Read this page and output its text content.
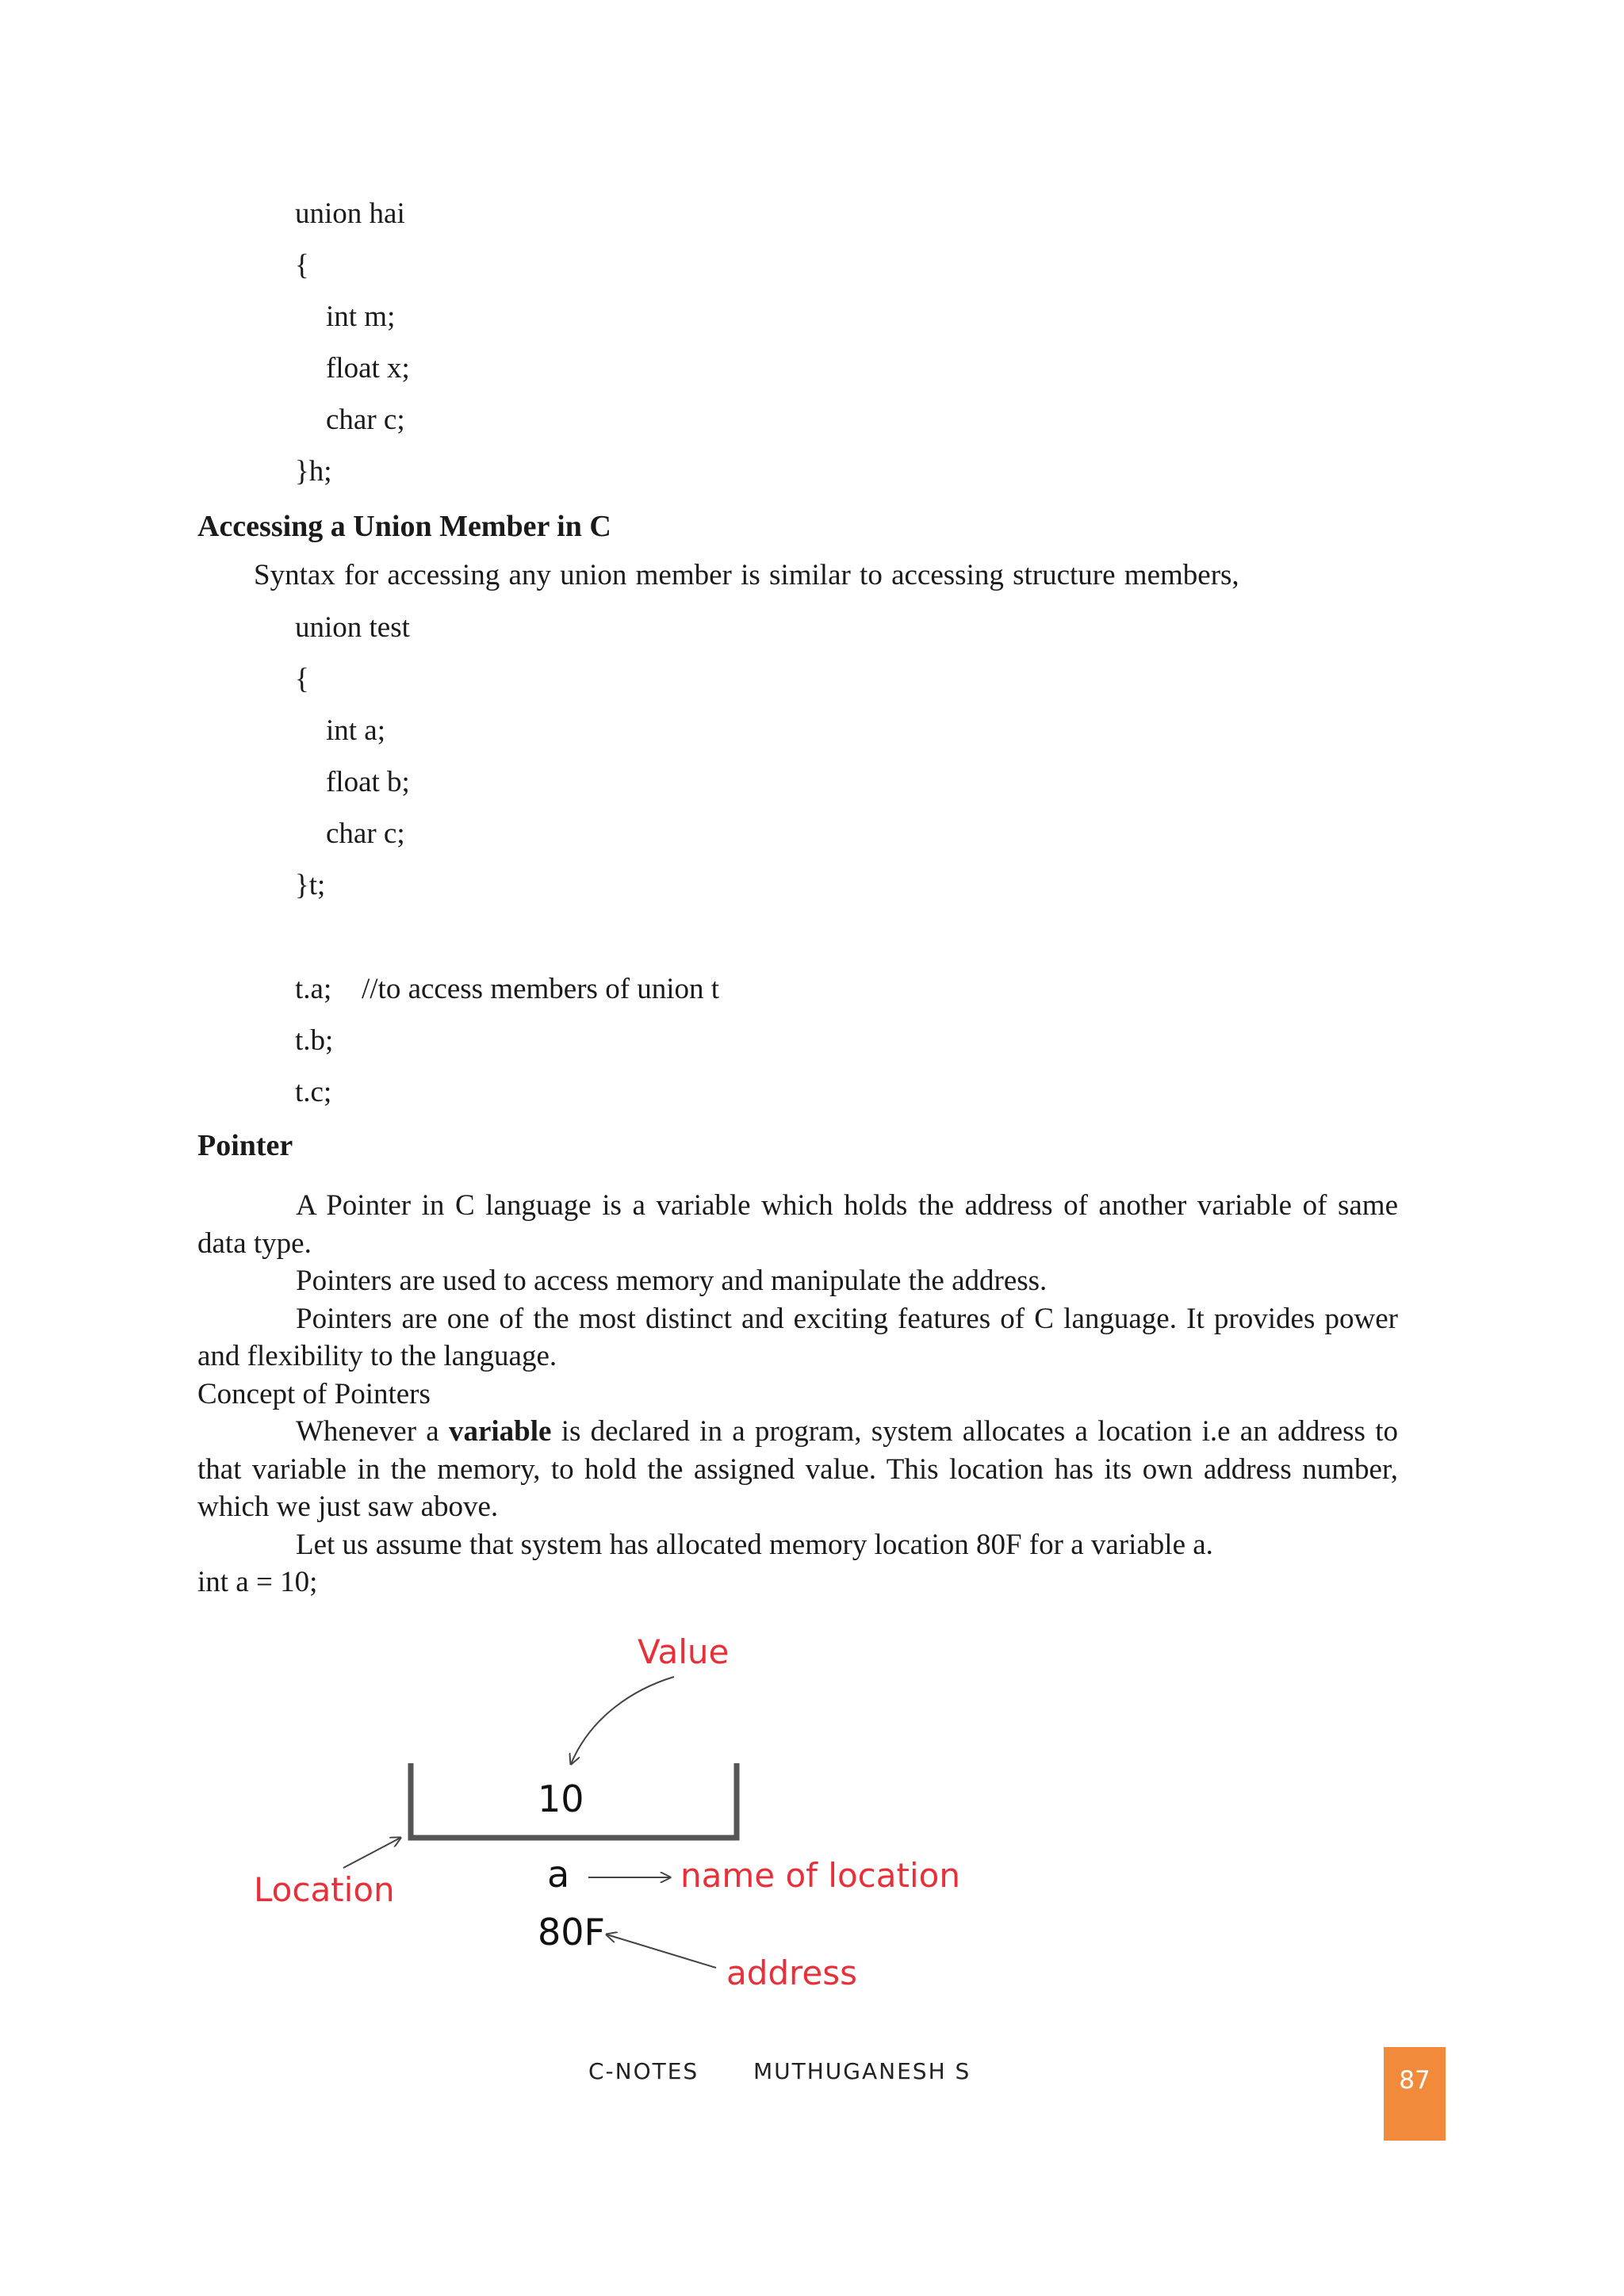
union hai

{

int m;

float x;

char c;

}h;

Accessing a Union Member in C
Syntax for accessing any union member is similar to accessing structure members,

union test

{

int a;

float b;

char c;

}t;

t.a;

//to access members of union t

t.b;

t.c;

Pointer

A Pointer in C language is a variable which holds the address of another variable of same data type.

Pointers are used to access memory and manipulate the address.

Pointers are one of the most distinct and exciting features of C language. It provides power and flexibility to the language.

Concept of Pointers

Whenever a variable is declared in a program, system allocates a location i.e an address to that variable in the memory, to hold the assigned value. This location has its own address number, which we just saw above.

Let us assume that system has allocated memory location 80F for a variable a.

int a = 10;

Value
10
Location	a	name of location
80F
address
C-NOTES MUTHUGANESH S	87
